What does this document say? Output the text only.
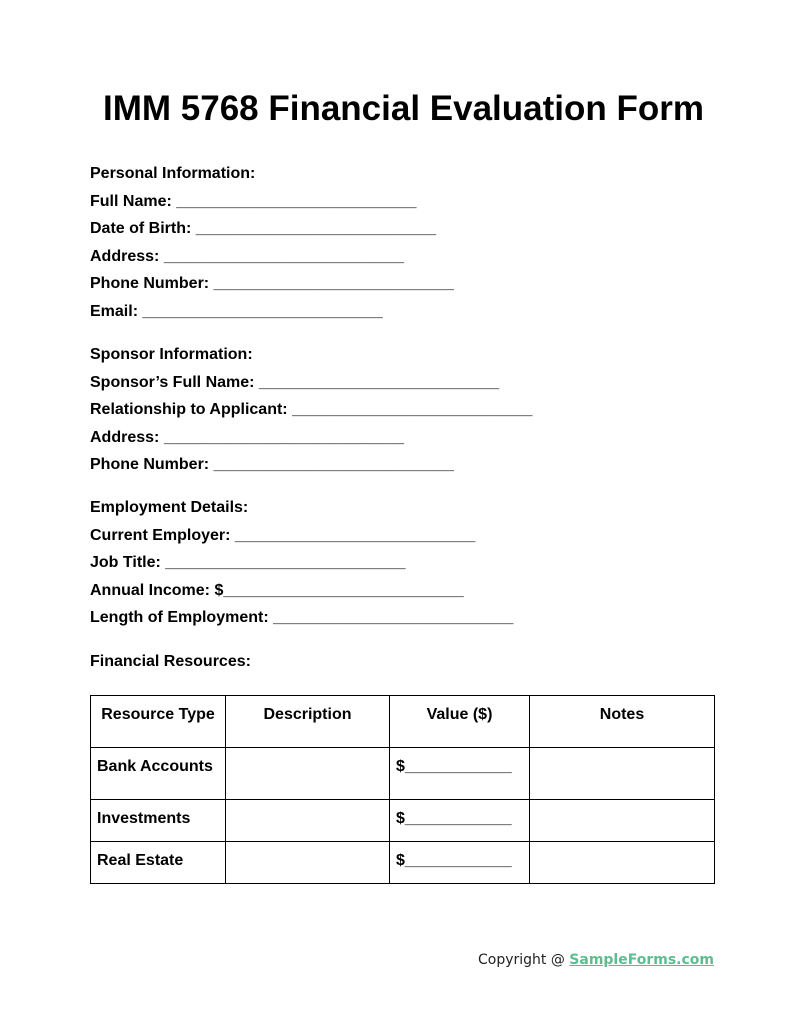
IMM 5768 Financial Evaluation Form
Personal Information:
Full Name: ___________________________
Date of Birth: ___________________________
Address: ___________________________
Phone Number: ___________________________
Email: ___________________________
Sponsor Information:
Sponsor’s Full Name: ___________________________
Relationship to Applicant: ___________________________
Address: ___________________________
Phone Number: ___________________________
Employment Details:
Current Employer: ___________________________
Job Title: ___________________________
Annual Income: $___________________________
Length of Employment: ___________________________
Financial Resources:
Resource Type	Description	Value ($)	Notes
Bank Accounts		$____________	
Investments		$____________	
Real Estate		$____________	
Copyright @ SampleForms.com
